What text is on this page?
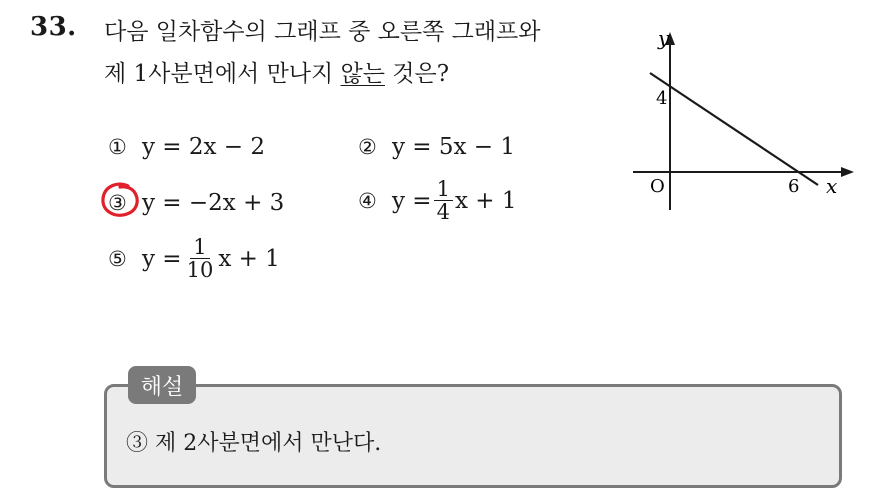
33. 다음 일차함수의 그래프 중 오른쪽 그래프와
제 1사분면에서 만나지 않는 것은?
① y = 2x − 2	② y = 5x − 1
③ y = −2x + 3	④ $y = \frac{1}{4}$ x + 1
⑤ $y = \frac{1}{10}$ x + 1
y
x
O
4
6
해설
③ 제 2사분면에서 만난다.
